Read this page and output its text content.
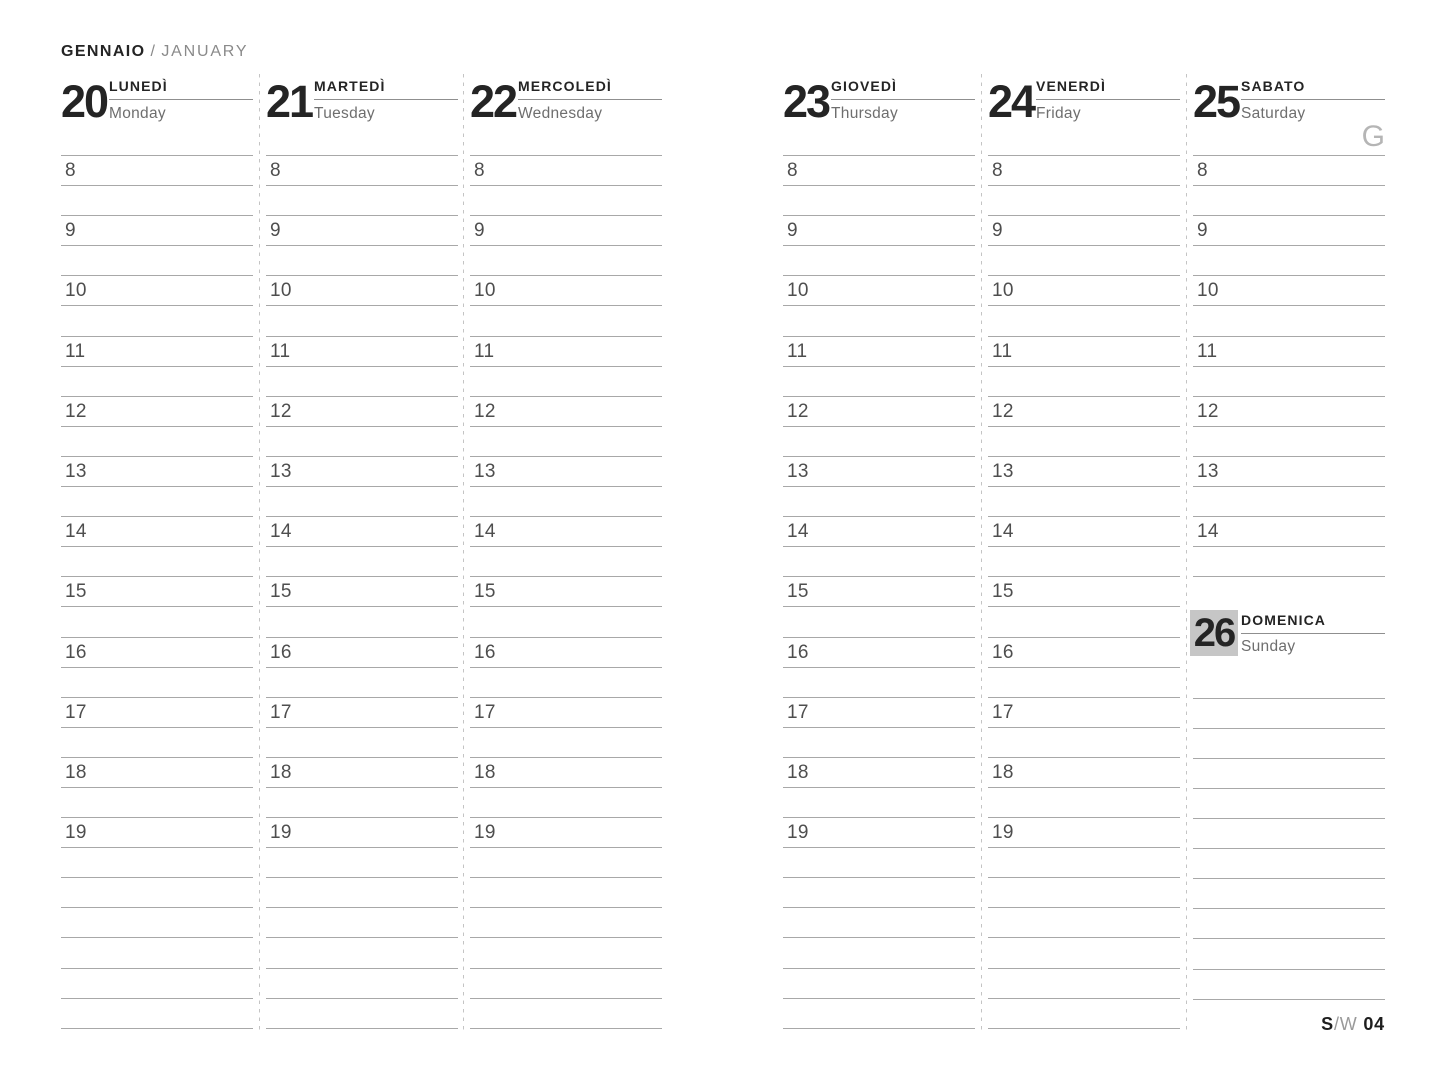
GENNAIO / JANUARY
20 LUNEDÌ
Monday
8
9
10
11
12
13
14
15
16
17
18
19
21 MARTEDÌ
Tuesday
8
9
10
11
12
13
14
15
16
17
18
19
22 MERCOLEDÌ
Wednesday
8
9
10
11
12
13
14
15
16
17
18
19
23 GIOVEDÌ
Thursday
8
9
10
11
12
13
14
15
16
17
18
19
24 VENERDÌ
Friday
8
9
10
11
12
13
14
15
16
17
18
19
25 SABATO
Saturday
G
8
9
10
11
12
13
14
26 DOMENICA
Sunday
S/W 04
